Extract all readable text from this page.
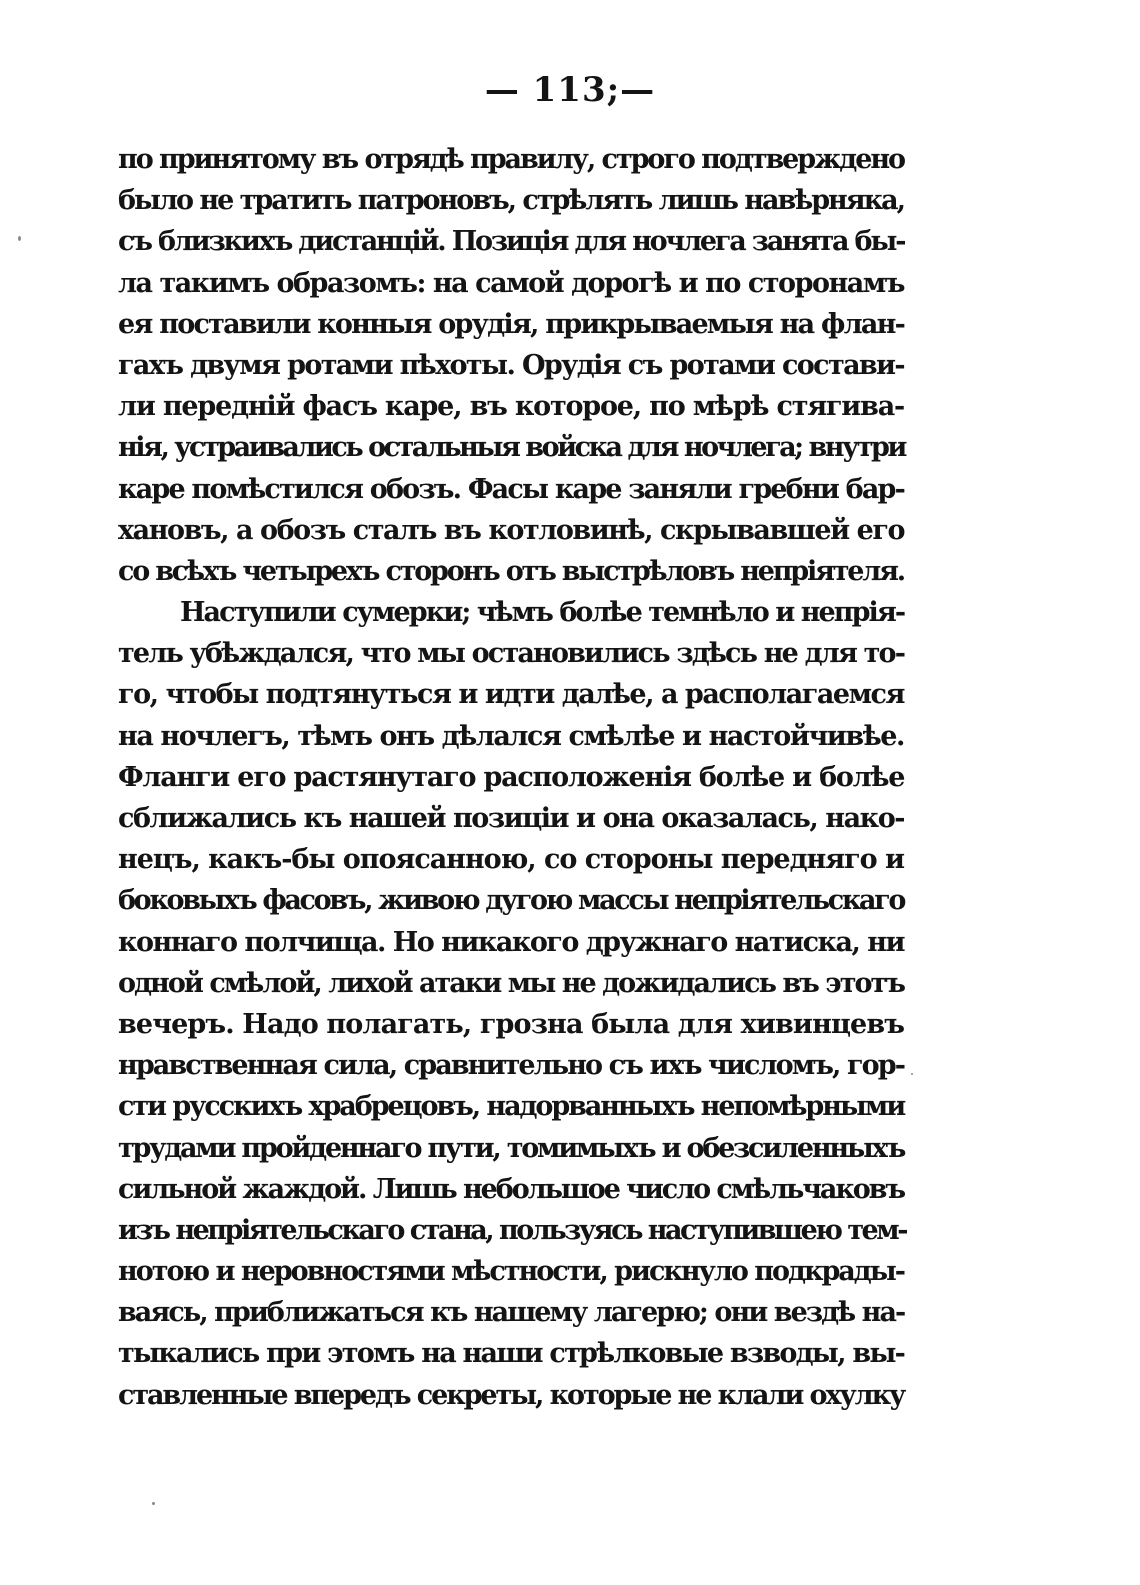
— 113;—
по принятому въ отрядѣ правилу, строго подтверждено
было не тратить патроновъ, стрѣлять лишь навѣрняка,
съ близкихъ дистанцій. Позиція для ночлега занята бы-
ла такимъ образомъ: на самой дорогѣ и по сторонамъ
ея поставили конныя орудія, прикрываемыя на флан-
гахъ двумя ротами пѣхоты. Орудія съ ротами состави-
ли передній фасъ каре, въ которое, по мѣрѣ стягива-
нія, устраивались остальныя войска для ночлега; внутри
каре помѣстился обозъ. Фасы каре заняли гребни бар-
хановъ, а обозъ сталъ въ котловинѣ, скрывавшей его
со всѣхъ четырехъ сторонъ отъ выстрѣловъ непріятеля.
Наступили сумерки; чѣмъ болѣе темнѣло и непрія-
тель убѣждался, что мы остановились здѣсь не для то-
го, чтобы подтянуться и идти далѣе, а располагаемся
на ночлегъ, тѣмъ онъ дѣлался смѣлѣе и настойчивѣе.
Фланги его растянутаго расположенія болѣе и болѣе
сближались къ нашей позиціи и она оказалась, нако-
нецъ, какъ-бы опоясанною, со стороны передняго и
боковыхъ фасовъ, живою дугою массы непріятельскаго
коннаго полчища. Но никакого дружнаго натиска, ни
одной смѣлой, лихой атаки мы не дожидались въ этотъ
вечеръ. Надо полагать, грозна была для хивинцевъ
нравственная сила, сравнительно съ ихъ числомъ, гор-
сти русскихъ храбрецовъ, надорванныхъ непомѣрными
трудами пройденнаго пути, томимыхъ и обезсиленныхъ
сильной жаждой. Лишь небольшое число смѣльчаковъ
изъ непріятельскаго стана, пользуясь наступившею тем-
нотою и неровностями мѣстности, рискнуло подкрады-
ваясь, приближаться къ нашему лагерю; они вездѣ на-
тыкались при этомъ на наши стрѣлковые взводы, вы-
ставленные впередъ секреты, которые не клали охулку
